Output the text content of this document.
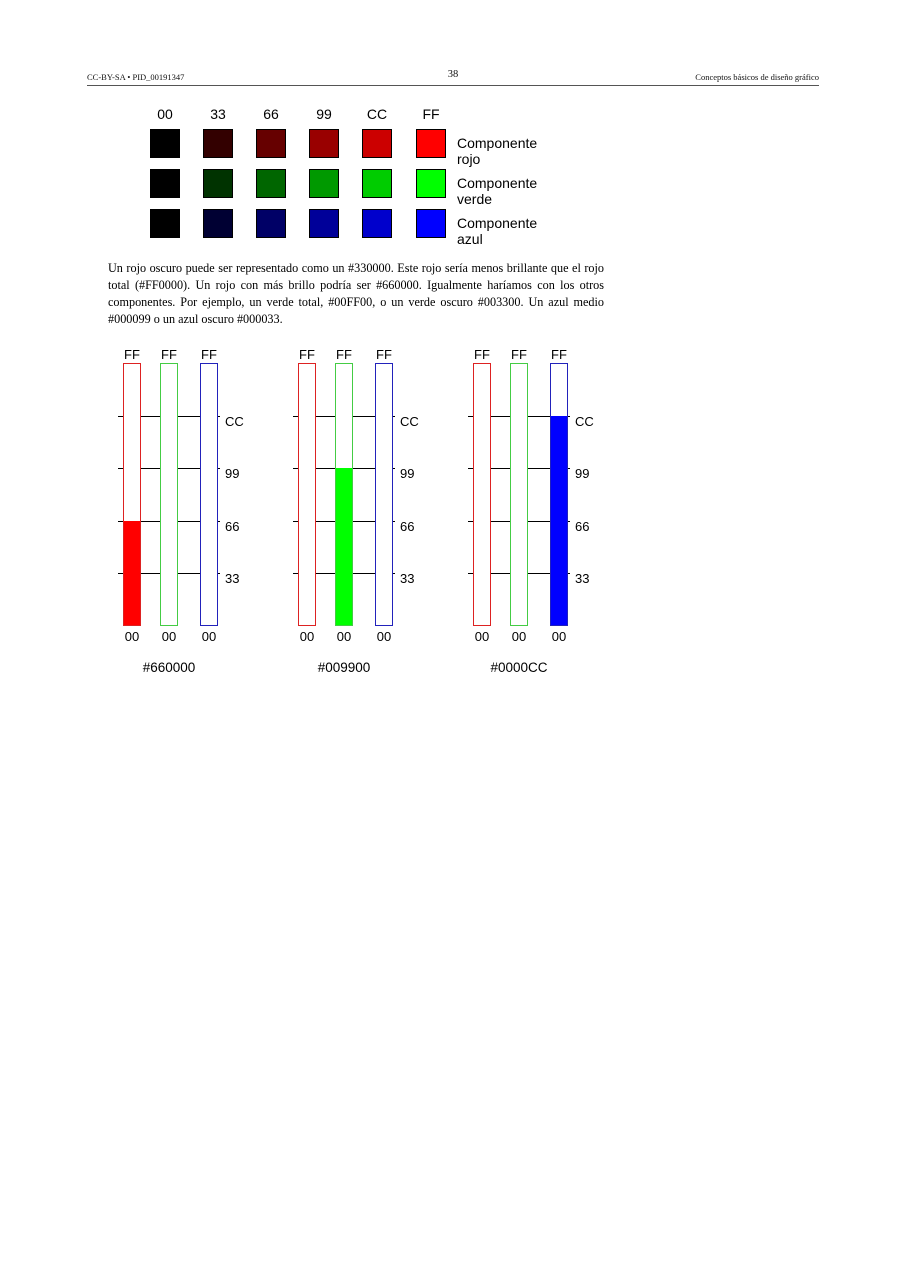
CC-BY-SA • PID_00191347	38	Conceptos básicos de diseño gráfico
00	33	66	99	CC	FF
Componente rojo
Componente verde
Componente azul

Un rojo oscuro puede ser representado como un #330000. Este rojo sería menos brillante que el rojo total (#FF0000). Un rojo con más brillo podría ser #660000. Igualmente haríamos con los otros componentes. Por ejemplo, un verde total, #00FF00, o un verde oscuro #003300. Un azul medio #000099 o un azul oscuro #000033.

33
66
99
CC
FF
00
FF
00
FF
00
#660000
33
66
99
CC
FF
00
FF
00
FF
00
#009900
33
66
99
CC
FF
00
FF
00
FF
00
#0000CC
